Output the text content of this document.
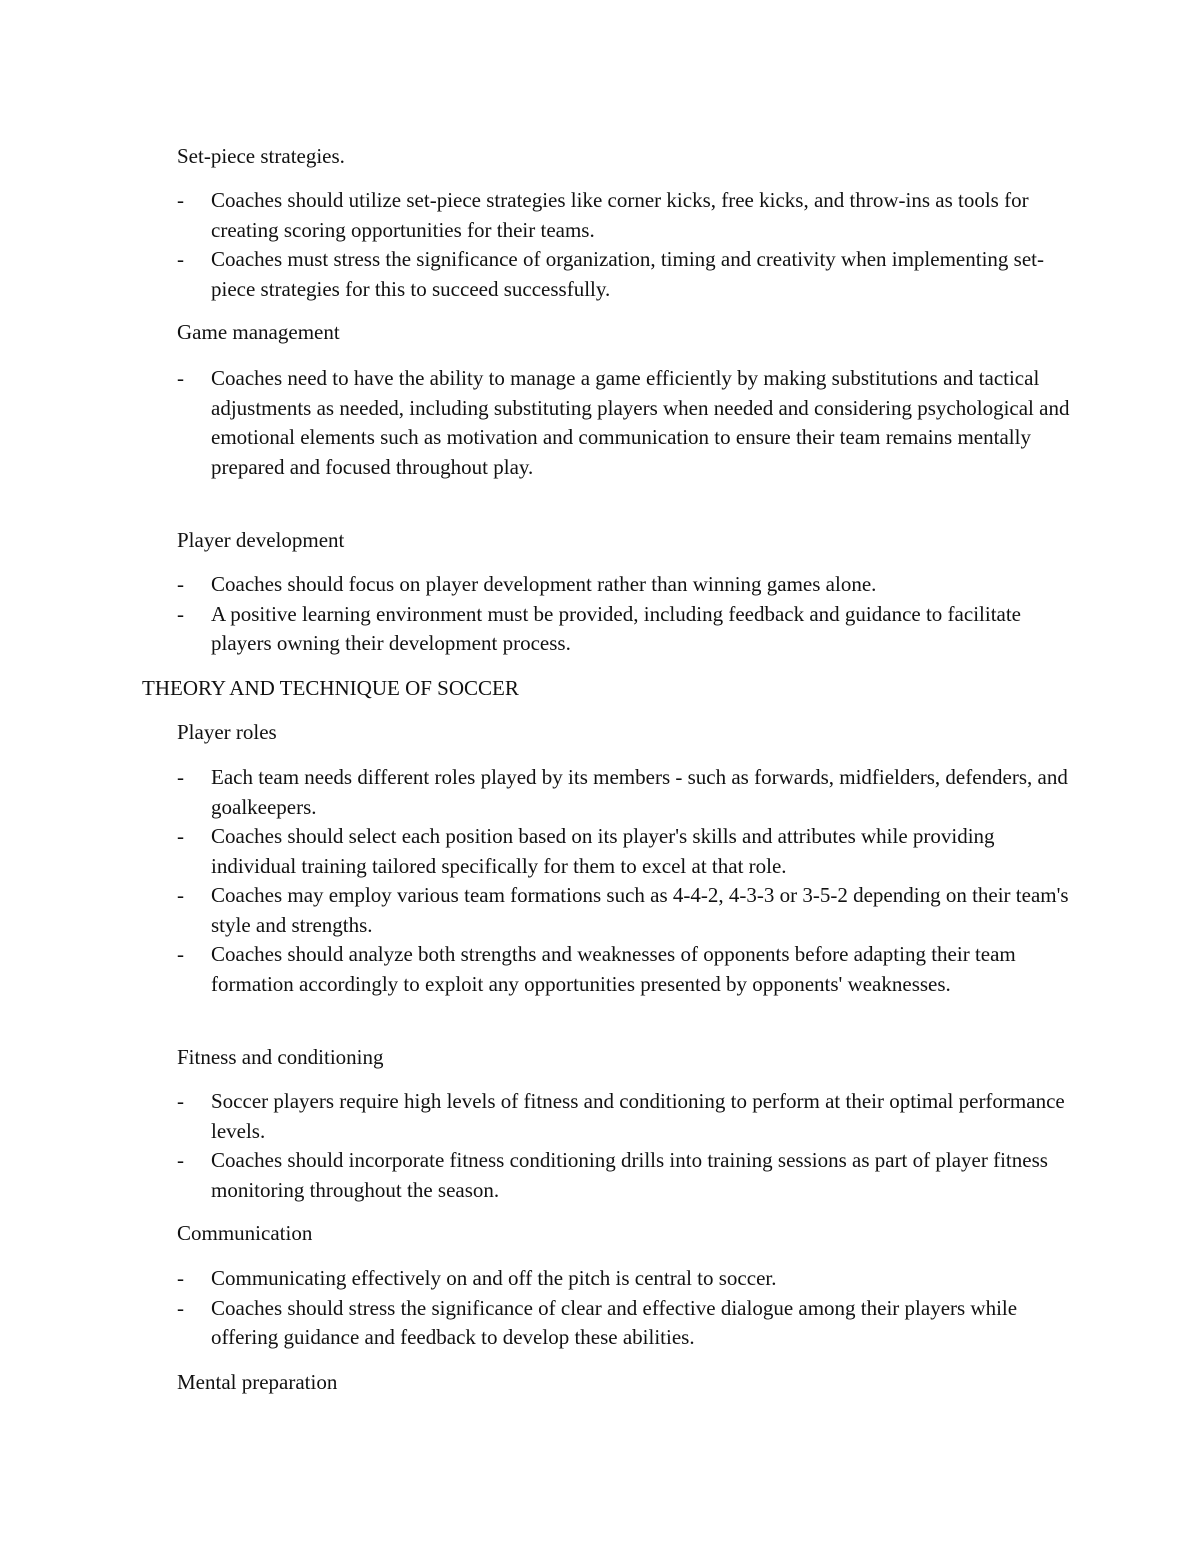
Set-piece strategies.
- Coaches should utilize set-piece strategies like corner kicks, free kicks, and throw-ins as tools for creating scoring opportunities for their teams.
- Coaches must stress the significance of organization, timing and creativity when implementing set-piece strategies for this to succeed successfully.
Game management
- Coaches need to have the ability to manage a game efficiently by making substitutions and tactical adjustments as needed, including substituting players when needed and considering psychological and emotional elements such as motivation and communication to ensure their team remains mentally prepared and focused throughout play.
Player development
- Coaches should focus on player development rather than winning games alone.
- A positive learning environment must be provided, including feedback and guidance to facilitate players owning their development process.
THEORY AND TECHNIQUE OF SOCCER
Player roles
- Each team needs different roles played by its members - such as forwards, midfielders, defenders, and goalkeepers.
- Coaches should select each position based on its player's skills and attributes while providing individual training tailored specifically for them to excel at that role.
- Coaches may employ various team formations such as 4-4-2, 4-3-3 or 3-5-2 depending on their team's style and strengths.
- Coaches should analyze both strengths and weaknesses of opponents before adapting their team formation accordingly to exploit any opportunities presented by opponents' weaknesses.
Fitness and conditioning
- Soccer players require high levels of fitness and conditioning to perform at their optimal performance levels.
- Coaches should incorporate fitness conditioning drills into training sessions as part of player fitness monitoring throughout the season.
Communication
- Communicating effectively on and off the pitch is central to soccer.
- Coaches should stress the significance of clear and effective dialogue among their players while offering guidance and feedback to develop these abilities.
Mental preparation
